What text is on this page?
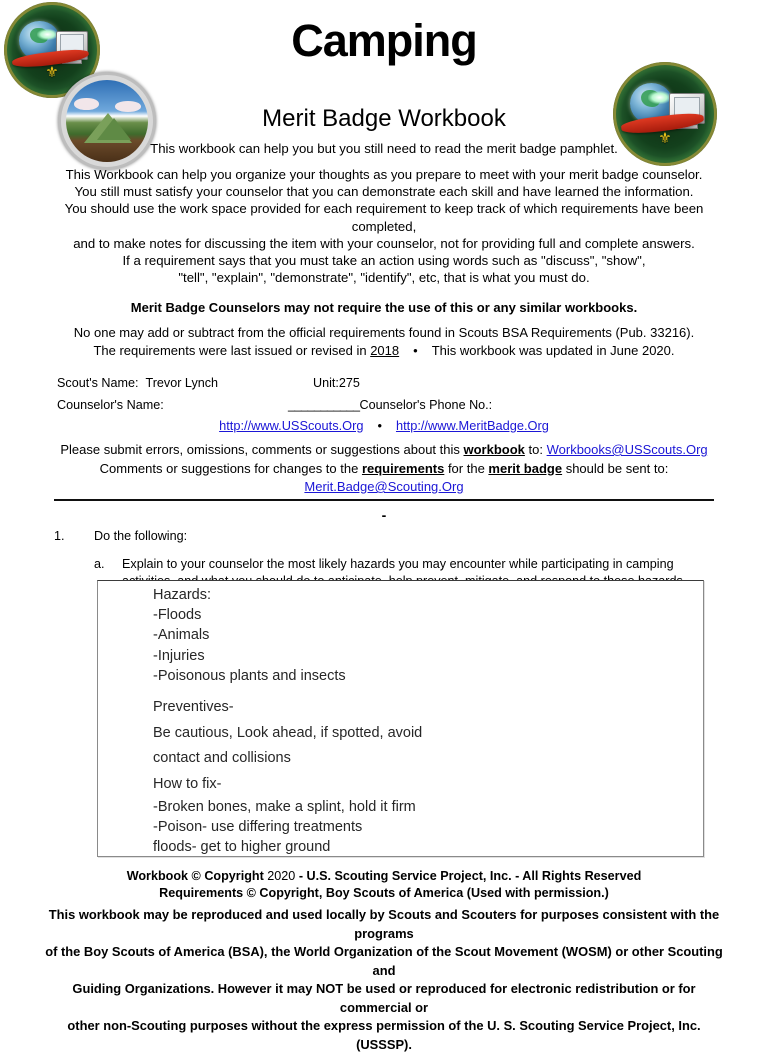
⚜
⚜
Camping
Merit Badge Workbook
This workbook can help you but you still need to read the merit badge pamphlet.
This Workbook can help you organize your thoughts as you prepare to meet with your merit badge counselor.
You still must satisfy your counselor that you can demonstrate each skill and have learned the information.
You should use the work space provided for each requirement to keep track of which requirements have been
completed,
and to make notes for discussing the item with your counselor, not for providing full and complete answers.
If a requirement says that you must take an action using words such as "discuss", "show",
"tell", "explain", "demonstrate", "identify", etc, that is what you must do.
Merit Badge Counselors may not require the use of this or any similar workbooks.
No one may add or subtract from the official requirements found in Scouts BSA Requirements (Pub. 33216).
The requirements were last issued or revised in 2018 • This workbook was updated in June 2020.
Scout's Name: Trevor Lynch	Unit:275
Counselor's Name:	___________Counselor's Phone No.:
http://www.USScouts.Org • http://www.MeritBadge.Org
Please submit errors, omissions, comments or suggestions about this workbook to: Workbooks@USScouts.Org
Comments or suggestions for changes to the requirements for the merit badge should be sent to:
Merit.Badge@Scouting.Org
-
1. Do the following:
a. Explain to your counselor the most likely hazards you may encounter while participating in camping
Hazards:
-Floods
-Animals
-Injuries
-Poisonous plants and insects

Preventives-
Be cautious, Look ahead, if spotted, avoid
contact and collisions
How to fix-
-Broken bones, make a splint, hold it firm
-Poison- use differing treatments
floods- get to higher ground
Workbook © Copyright 2020 - U.S. Scouting Service Project, Inc. - All Rights Reserved
Requirements © Copyright, Boy Scouts of America (Used with permission.)
This workbook may be reproduced and used locally by Scouts and Scouters for purposes consistent with the programs
of the Boy Scouts of America (BSA), the World Organization of the Scout Movement (WOSM) or other Scouting and
Guiding Organizations. However it may NOT be used or reproduced for electronic redistribution or for commercial or
other non-Scouting purposes without the express permission of the U. S. Scouting Service Project, Inc. (USSSP).
